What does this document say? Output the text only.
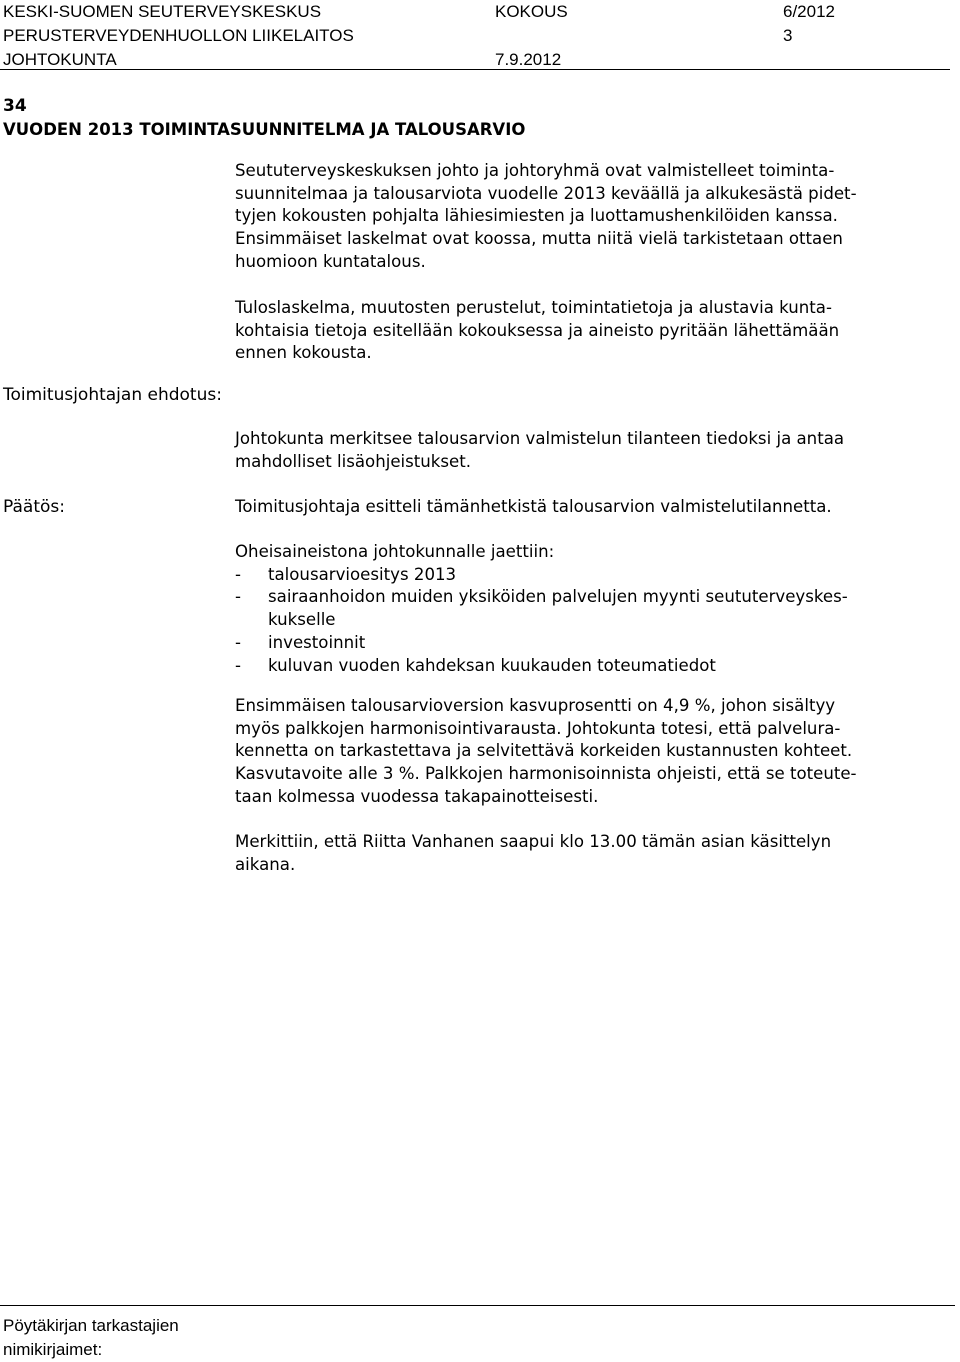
KESKI-SUOMEN SEUTERVEYSKESKUS	KOKOUS	6/2012
PERUSTERVEYDENHUOLLON LIIKELAITOS	3
JOHTOKUNTA	7.9.2012
34
VUODEN 2013 TOIMINTASUUNNITELMA JA TALOUSARVIO
Seututerveyskeskuksen johto ja johtoryhmä ovat valmistelleet toiminta-
suunnitelmaa ja talousarviota vuodelle 2013 keväällä ja alkukesästä pidet-
tyjen kokousten pohjalta lähiesimiesten ja luottamushenkilöiden kanssa.
Ensimmäiset laskelmat ovat koossa, mutta niitä vielä tarkistetaan ottaen
huomioon kuntatalous.
Tuloslaskelma, muutosten perustelut, toimintatietoja ja alustavia kunta-
kohtaisia tietoja esitellään kokouksessa ja aineisto pyritään lähettämään
ennen kokousta.
Toimitusjohtajan ehdotus:
Johtokunta merkitsee talousarvion valmistelun tilanteen tiedoksi ja antaa
mahdolliset lisäohjeistukset.
Päätös:	Toimitusjohtaja esitteli tämänhetkistä talousarvion valmistelutilannetta.
Oheisaineistona johtokunnalle jaettiin:
- talousarvioesitys 2013
- sairaanhoidon muiden yksiköiden palvelujen myynti seututerveyskes-
kukselle
- investoinnit
- kuluvan vuoden kahdeksan kuukauden toteumatiedot
Ensimmäisen talousarvioversion kasvuprosentti on 4,9 %, johon sisältyy
myös palkkojen harmonisointivarausta. Johtokunta totesi, että palvelura-
kennetta on tarkastettava ja selvitettävä korkeiden kustannusten kohteet.
Kasvutavoite alle 3 %. Palkkojen harmonisoinnista ohjeisti, että se toteute-
taan kolmessa vuodessa takapainotteisesti.
Merkittiin, että Riitta Vanhanen saapui klo 13.00 tämän asian käsittelyn
aikana.
Pöytäkirjan tarkastajien
nimikirjaimet:
